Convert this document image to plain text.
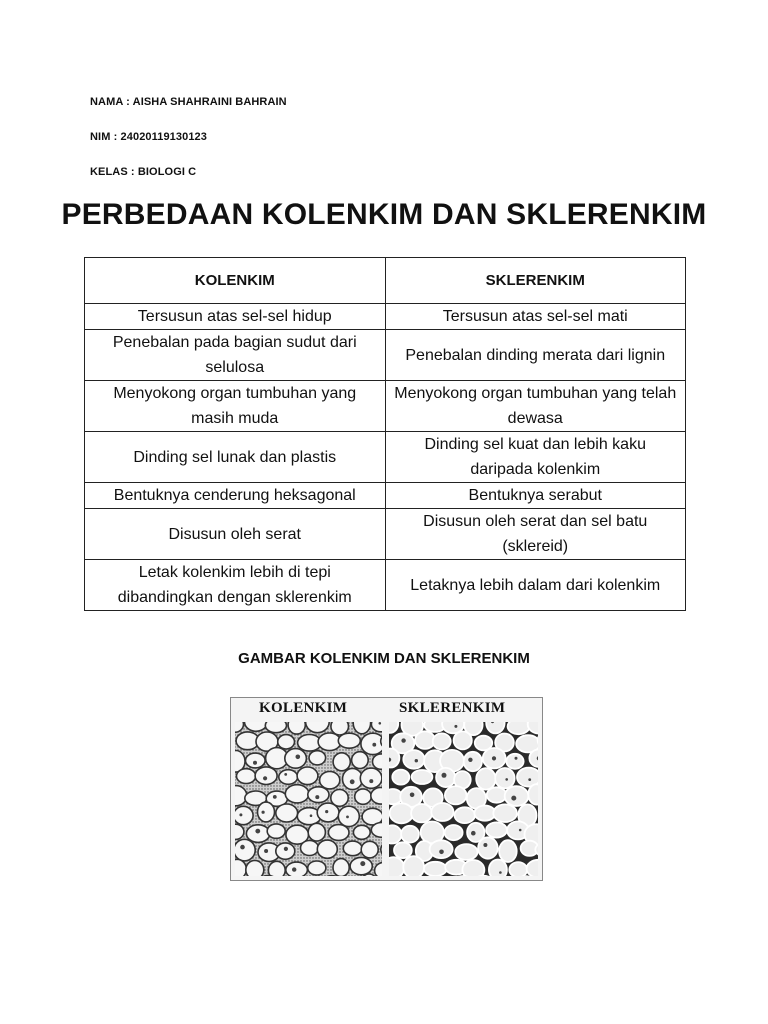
NAMA : AISHA SHAHRAINI BAHRAIN
NIM : 24020119130123
KELAS : BIOLOGI C
PERBEDAAN KOLENKIM DAN SKLERENKIM
KOLENKIM	SKLERENKIM
Tersusun atas sel-sel hidup	Tersusun atas sel-sel mati
Penebalan pada bagian sudut dari selulosa	Penebalan dinding merata dari lignin
Menyokong organ tumbuhan yang masih muda	Menyokong organ tumbuhan yang telah dewasa
Dinding sel lunak dan plastis	Dinding sel kuat dan lebih kaku daripada kolenkim
Bentuknya cenderung heksagonal	Bentuknya serabut
Disusun oleh serat	Disusun oleh serat dan sel batu (sklereid)
Letak kolenkim lebih di tepi dibandingkan dengan sklerenkim	Letaknya lebih dalam dari kolenkim
GAMBAR KOLENKIM DAN SKLERENKIM
KOLENKIM	SKLERENKIM
